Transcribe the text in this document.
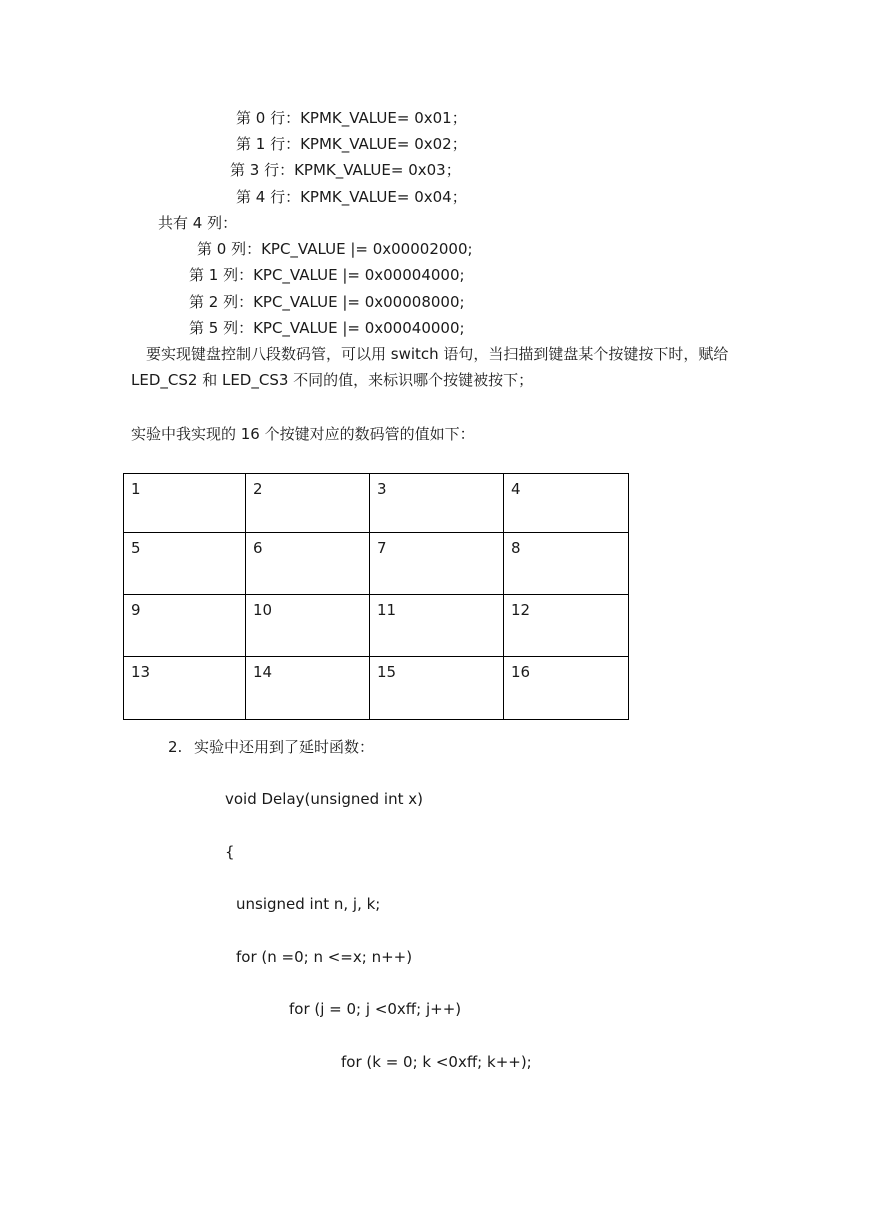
第 0 行：KPMK_VALUE= 0x01；
第 1 行：KPMK_VALUE= 0x02；
第 3 行：KPMK_VALUE= 0x03；
第 4 行：KPMK_VALUE= 0x04；
共有 4 列：
第 0 列：KPC_VALUE |= 0x00002000;
第 1 列：KPC_VALUE |= 0x00004000;
第 2 列：KPC_VALUE |= 0x00008000;
第 5 列：KPC_VALUE |= 0x00040000;
要实现键盘控制八段数码管，可以用 switch 语句，当扫描到键盘某个按键按下时，赋给
LED_CS2 和 LED_CS3 不同的值，来标识哪个按键被按下；
实验中我实现的 16 个按键对应的数码管的值如下：
1	2	3	4
5	6	7	8
9	10	11	12
13	14	15	16
2. 实验中还用到了延时函数：
void Delay(unsigned int x)
{
unsigned int n, j, k;
for (n =0; n <=x; n++)
for (j = 0; j <0xff; j++)
for (k = 0; k <0xff; k++);
